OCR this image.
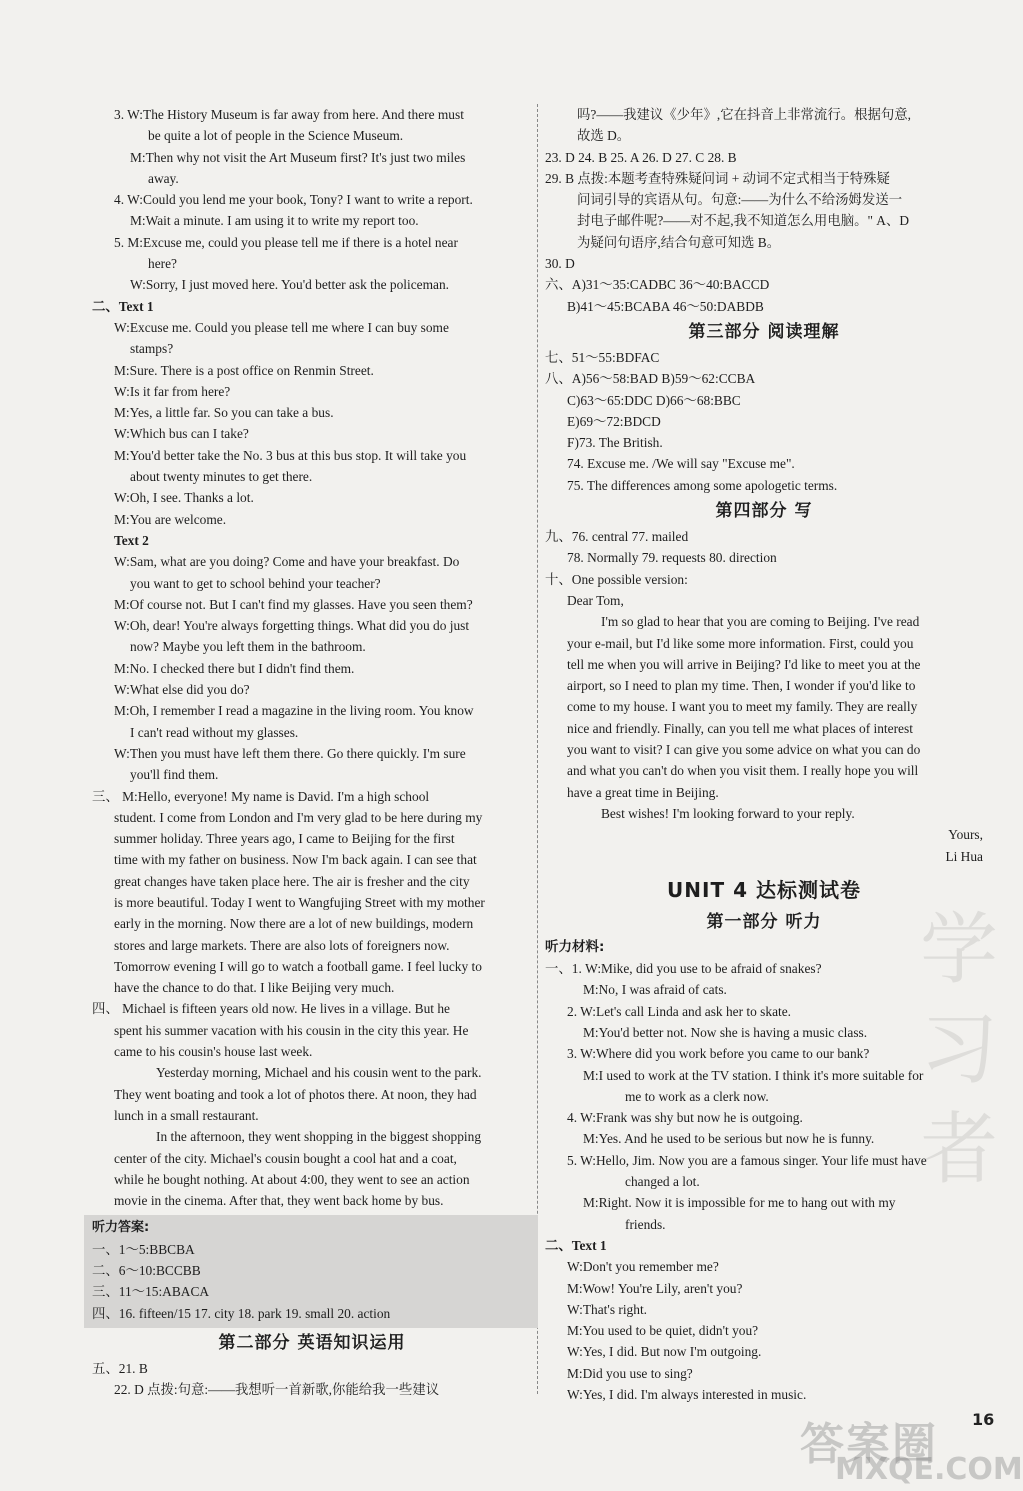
3. W:The History Museum is far away from here. And there must
be quite a lot of people in the Science Museum.
M:Then why not visit the Art Museum first? It's just two miles
away.
4. W:Could you lend me your book, Tony? I want to write a report.
M:Wait a minute. I am using it to write my report too.
5. M:Excuse me, could you please tell me if there is a hotel near
here?
W:Sorry, I just moved here. You'd better ask the policeman.
二、Text 1
W:Excuse me. Could you please tell me where I can buy some
stamps?
M:Sure. There is a post office on Renmin Street.
W:Is it far from here?
M:Yes, a little far. So you can take a bus.
W:Which bus can I take?
M:You'd better take the No. 3 bus at this bus stop. It will take you
about twenty minutes to get there.
W:Oh, I see. Thanks a lot.
M:You are welcome.
Text 2
W:Sam, what are you doing? Come and have your breakfast. Do
you want to get to school behind your teacher?
M:Of course not. But I can't find my glasses. Have you seen them?
W:Oh, dear! You're always forgetting things. What did you do just
now? Maybe you left them in the bathroom.
M:No. I checked there but I didn't find them.
W:What else did you do?
M:Oh, I remember I read a magazine in the living room. You know
I can't read without my glasses.
W:Then you must have left them there. Go there quickly. I'm sure
you'll find them.
三、 M:Hello, everyone! My name is David. I'm a high school
student. I come from London and I'm very glad to be here during my
summer holiday. Three years ago, I came to Beijing for the first
time with my father on business. Now I'm back again. I can see that
great changes have taken place here. The air is fresher and the city
is more beautiful. Today I went to Wangfujing Street with my mother
early in the morning. Now there are a lot of new buildings, modern
stores and large markets. There are also lots of foreigners now.
Tomorrow evening I will go to watch a football game. I feel lucky to
have the chance to do that. I like Beijing very much.
四、 Michael is fifteen years old now. He lives in a village. But he
spent his summer vacation with his cousin in the city this year. He
came to his cousin's house last week.
Yesterday morning, Michael and his cousin went to the park.
They went boating and took a lot of photos there. At noon, they had
lunch in a small restaurant.
In the afternoon, they went shopping in the biggest shopping
center of the city. Michael's cousin bought a cool hat and a coat,
while he bought nothing. At about 4:00, they went to see an action
movie in the cinema. After that, they went back home by bus.
听力答案:
一、1～5:BBCBA
二、6～10:BCCBB
三、11～15:ABACA
四、16. fifteen/15 17. city 18. park 19. small 20. action
第二部分 英语知识运用
五、21. B
22. D 点拨:句意:——我想听一首新歌,你能给我一些建议
吗?——我建议《少年》,它在抖音上非常流行。根据句意,
故选 D。
23. D 24. B 25. A 26. D 27. C 28. B
29. B 点拨:本题考查特殊疑问词 + 动词不定式相当于特殊疑
问词引导的宾语从句。句意:——为什么不给汤姆发送一
封电子邮件呢?——对不起,我不知道怎么用电脑。" A、D
为疑问句语序,结合句意可知选 B。
30. D
六、A)31～35:CADBC 36～40:BACCD
B)41～45:BCABA 46～50:DABDB
第三部分 阅读理解
七、51～55:BDFAC
八、A)56～58:BAD B)59～62:CCBA
C)63～65:DDC D)66～68:BBC
E)69～72:BDCD
F)73. The British.
74. Excuse me. /We will say "Excuse me".
75. The differences among some apologetic terms.
第四部分 写
九、76. central 77. mailed
78. Normally 79. requests 80. direction
十、One possible version:
Dear Tom,
I'm so glad to hear that you are coming to Beijing. I've read
your e-mail, but I'd like some more information. First, could you
tell me when you will arrive in Beijing? I'd like to meet you at the
airport, so I need to plan my time. Then, I wonder if you'd like to
come to my house. I want you to meet my family. They are really
nice and friendly. Finally, can you tell me what places of interest
you want to visit? I can give you some advice on what you can do
and what you can't do when you visit them. I really hope you will
have a great time in Beijing.
Best wishes! I'm looking forward to your reply.
Yours,
Li Hua
UNIT 4 达标测试卷
第一部分 听力
听力材料:
一、1. W:Mike, did you use to be afraid of snakes?
M:No, I was afraid of cats.
2. W:Let's call Linda and ask her to skate.
M:You'd better not. Now she is having a music class.
3. W:Where did you work before you came to our bank?
M:I used to work at the TV station. I think it's more suitable for
me to work as a clerk now.
4. W:Frank was shy but now he is outgoing.
M:Yes. And he used to be serious but now he is funny.
5. W:Hello, Jim. Now you are a famous singer. Your life must have
changed a lot.
M:Right. Now it is impossible for me to hang out with my
friends.
二、Text 1
W:Don't you remember me?
M:Wow! You're Lily, aren't you?
W:That's right.
M:You used to be quiet, didn't you?
W:Yes, I did. But now I'm outgoing.
M:Did you use to sing?
W:Yes, I did. I'm always interested in music.
学习者
答案圈
MXQE.COM
16
